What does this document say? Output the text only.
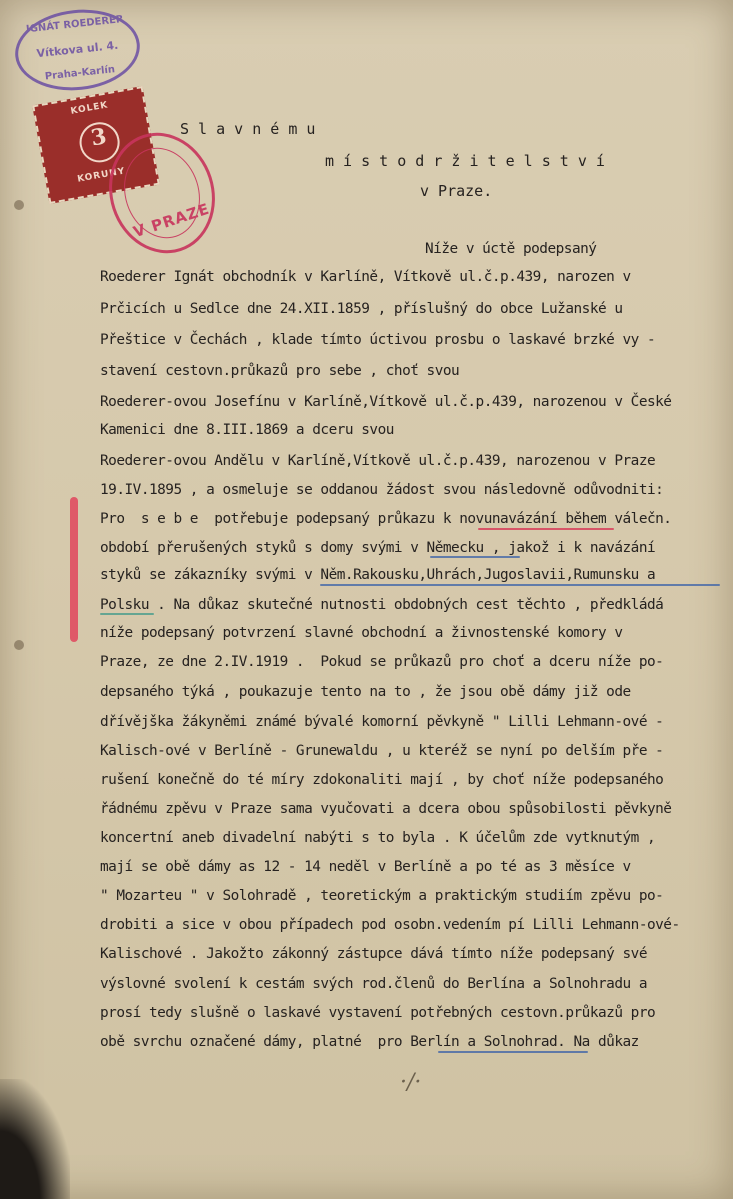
IGNÁT ROEDERER
Vítkova ul. 4.
Praha-Karlín
KOLEK
3
KORUNY
V PRAZE
S l a v n é m u
m í s t o d r ž i t e l s t v í
v Praze.
Níže v úctě podepsaný
Roederer Ignát obchodník v Karlíně, Vítkově ul.č.p.439, narozen v
Prčicích u Sedlce dne 24.XII.1859 , příslušný do obce Lužanské u
Přeštice v Čechách , klade tímto úctivou prosbu o laskavé brzké vy -
stavení cestovn.průkazů pro sebe , choť svou
Roederer-ovou Josefínu v Karlíně,Vítkově ul.č.p.439, narozenou v České
Kamenici dne 8.III.1869 a dceru svou
Roederer-ovou Andělu v Karlíně,Vítkově ul.č.p.439, narozenou v Praze
19.IV.1895 , a osmeluje se oddanou žádost svou následovně odůvodniti:
Pro  s e b e  potřebuje podepsaný průkazu k novunavázání během válečn.
období přerušených styků s domy svými v Německu , jakož i k navázání
styků se zákazníky svými v Něm.Rakousku,Uhrách,Jugoslavii,Rumunsku a
Polsku . Na důkaz skutečné nutnosti obdobných cest těchto , předkládá
níže podepsaný potvrzení slavné obchodní a živnostenské komory v
Praze, ze dne 2.IV.1919 .  Pokud se průkazů pro choť a dceru níže po-
depsaného týká , poukazuje tento na to , že jsou obě dámy již ode
dřívějška žákyněmi známé bývalé komorní pěvkyně " Lilli Lehmann-ové -
Kalisch-ové v Berlíně - Grunewaldu , u kteréž se nyní po delším pře -
rušení konečně do té míry zdokonaliti mají , by choť níže podepsaného
řádnému zpěvu v Praze sama vyučovati a dcera obou spůsobilosti pěvkyně
koncertní aneb divadelní nabýti s to byla . K účelům zde vytknutým ,
mají se obě dámy as 12 - 14 neděl v Berlíně a po té as 3 měsíce v
" Mozarteu " v Solohradě , teoretickým a praktickým studiím zpěvu po-
drobiti a sice v obou případech pod osobn.vedením pí Lilli Lehmann-ové-
Kalischové . Jakožto zákonný zástupce dává tímto níže podepsaný své
výslovné svolení k cestám svých rod.členů do Berlína a Solnohradu a
prosí tedy slušně o laskavé vystavení potřebných cestovn.průkazů pro
obě svrchu označené dámy, platné  pro Berlín a Solnohrad. Na důkaz
·/·
